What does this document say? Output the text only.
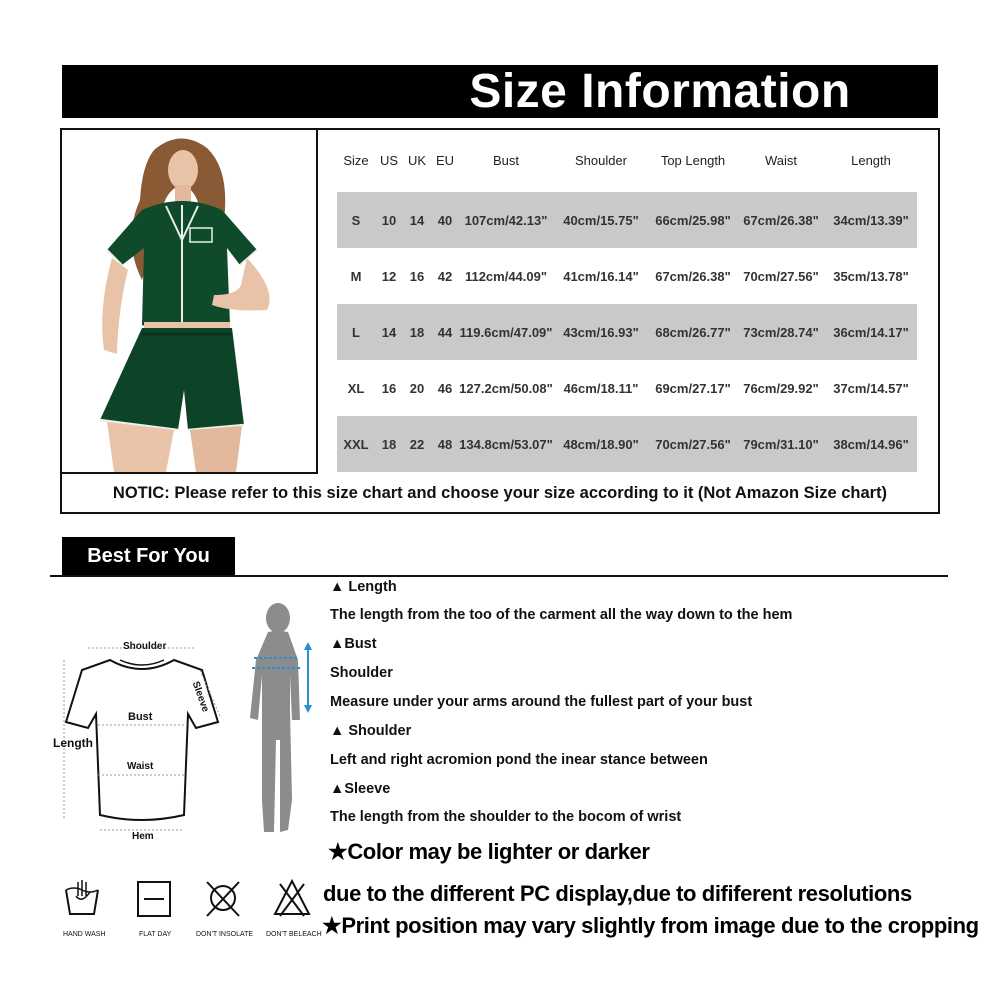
Size Information
Size US UK EU	Bust	Shoulder	Top Length	Waist	Length
S	10	14	40 107cm/42.13"	40cm/15.75"	66cm/25.98" 67cm/26.38"	34cm/13.39"
M	12	16	42 112cm/44.09"	41cm/16.14"	67cm/26.38" 70cm/27.56"	35cm/13.78"
L	14	18	44 119.6cm/47.09" 43cm/16.93"	68cm/26.77" 73cm/28.74"	36cm/14.17"
XL	16	20	46 127.2cm/50.08" 46cm/18.11"	69cm/27.17" 76cm/29.92"	37cm/14.57"
XXL	18	22	48 134.8cm/53.07" 48cm/18.90"	70cm/27.56" 79cm/31.10"	38cm/14.96"
NOTIC: Please refer to this size chart and choose your size according to it (Not Amazon Size chart)
Best For You
Shoulder
Sleeve
Bust
Length
Waist
Hem
▲ Length
The length from the too of the carment all the way down to the hem
▲Bust
Shoulder
Measure under your arms around the fullest part of your bust
▲ Shoulder
Left and right acromion pond the inear stance between
▲Sleeve
The length from the shoulder to the bocom of wrist
★Color may be lighter or darker
due to the different PC display,due to dififerent resolutions
★Print position may vary slightly from image due to the cropping
HAND WASH	FLAT DAY	DON'T INSOLATE DON'T BELEACH
